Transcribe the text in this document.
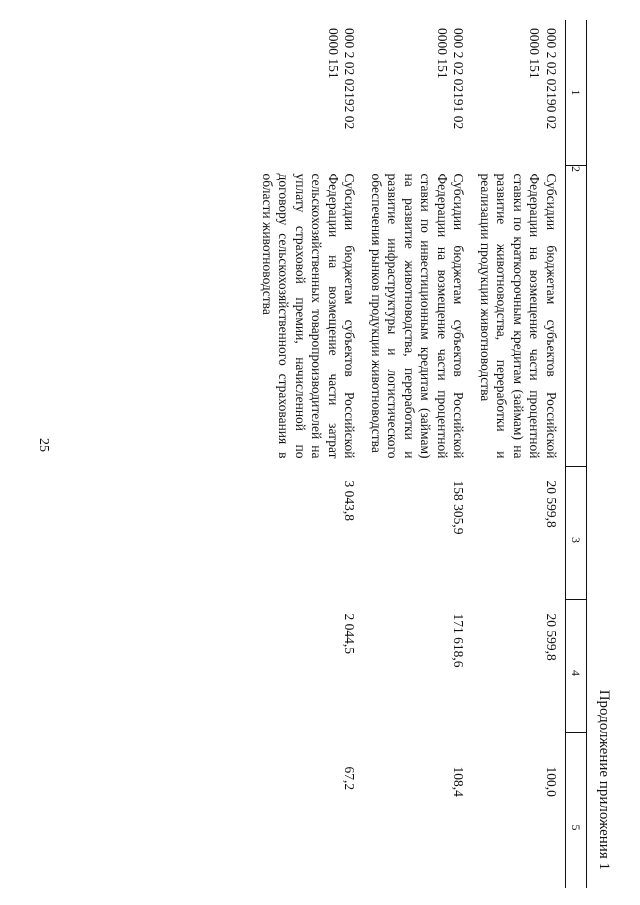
25
Продолжение приложения 1
1	2	3	4	5
000 2 02 02190 02 0000 151	Субсидии бюджетам субъектов Российской Федерации на возмещение части процентной ставки по краткосрочным кредитам (займам) на развитие животноводства, переработки и реализации продукции животноводства	20 599,8	20 599,8	100,0
000 2 02 02191 02 0000 151	Субсидии бюджетам субъектов Российской Федерации на возмещение части процентной ставки по инвестиционным кредитам (займам) на развитие животноводства, переработки и развитие инфраструктуры и логистического обеспечения рынков продукции животноводства	158 305,9	171 618,6	108,4
000 2 02 02192 02 0000 151	Субсидии бюджетам субъектов Российской Федерации на возмещение части затрат сельскохозяйственных товаропроизводителей на уплату страховой премии, начисленной по договору сельскохозяйственного страхования в области животноводства	3 043,8	2 044,5	67,2
